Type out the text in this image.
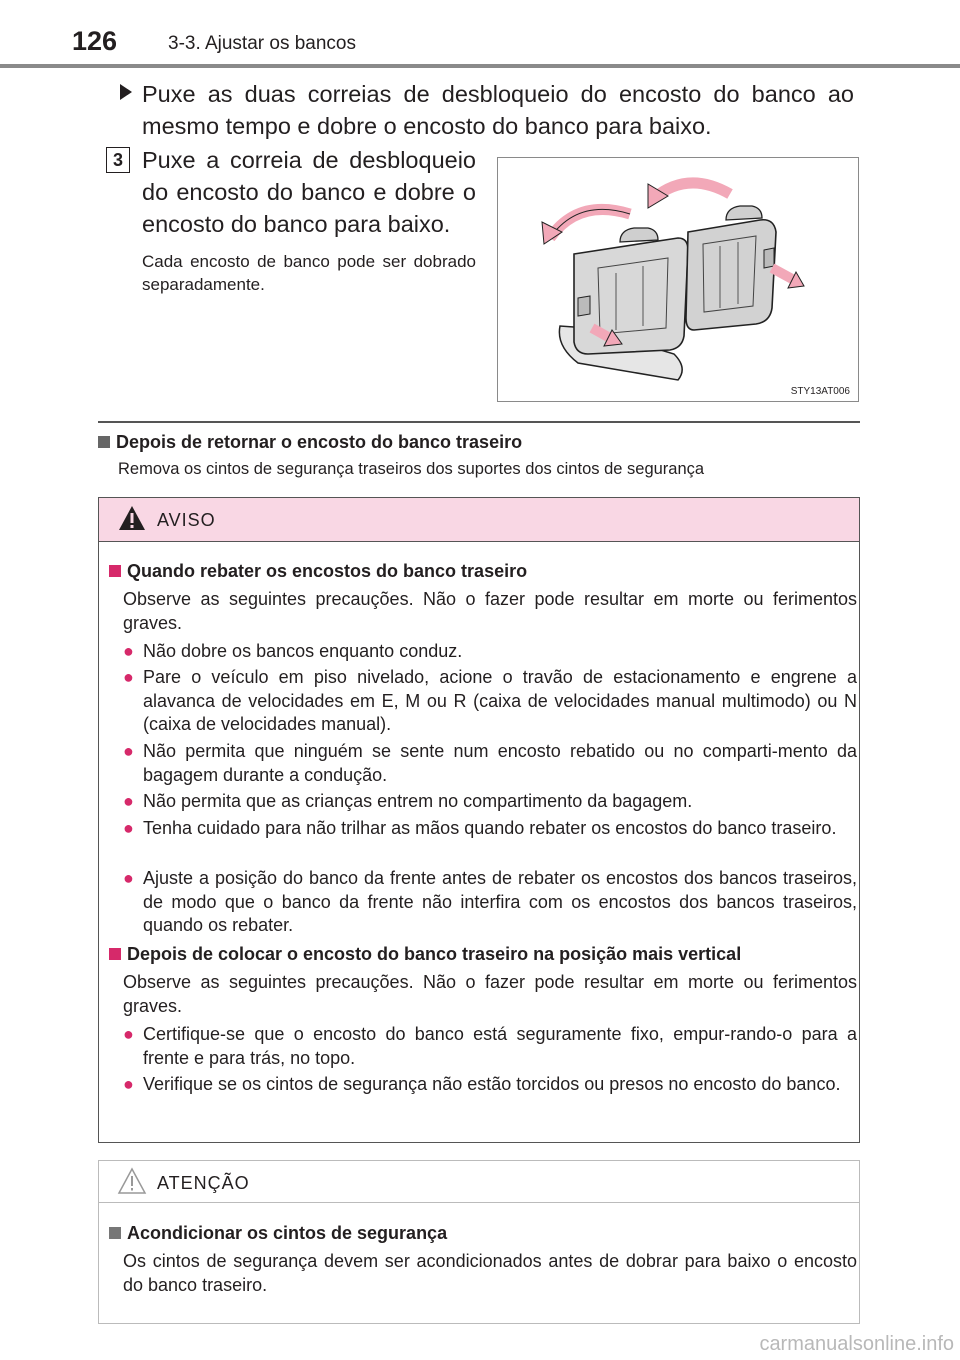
126	3-3. Ajustar os bancos
Puxe as duas correias de desbloqueio do encosto do banco ao mesmo tempo e dobre o encosto do banco para baixo.
3 Puxe a correia de desbloqueio do encosto do banco e dobre o encosto do banco para baixo.
Cada encosto de banco pode ser dobrado separadamente.
STY13AT006
Depois de retornar o encosto do banco traseiro
Remova os cintos de segurança traseiros dos suportes dos cintos de segurança
AVISO
Quando rebater os encostos do banco traseiro
Observe as seguintes precauções. Não o fazer pode resultar em morte ou ferimentos graves.
● Não dobre os bancos enquanto conduz.
● Pare o veículo em piso nivelado, acione o travão de estacionamento e engrene a alavanca de velocidades em E, M ou R (caixa de velocidades manual multimodo) ou N (caixa de velocidades manual).
● Não permita que ninguém se sente num encosto rebatido ou no comparti-mento da bagagem durante a condução.
● Não permita que as crianças entrem no compartimento da bagagem.
● Tenha cuidado para não trilhar as mãos quando rebater os encostos do banco traseiro.
● Ajuste a posição do banco da frente antes de rebater os encostos dos bancos traseiros, de modo que o banco da frente não interfira com os encostos dos bancos traseiros, quando os rebater.
Depois de colocar o encosto do banco traseiro na posição mais vertical
Observe as seguintes precauções. Não o fazer pode resultar em morte ou ferimentos graves.
● Certifique-se que o encosto do banco está seguramente fixo, empur-rando-o para a frente e para trás, no topo.
● Verifique se os cintos de segurança não estão torcidos ou presos no encosto do banco.
ATENÇÃO
Acondicionar os cintos de segurança
Os cintos de segurança devem ser acondicionados antes de dobrar para baixo o encosto do banco traseiro.
carmanualsonline.info
